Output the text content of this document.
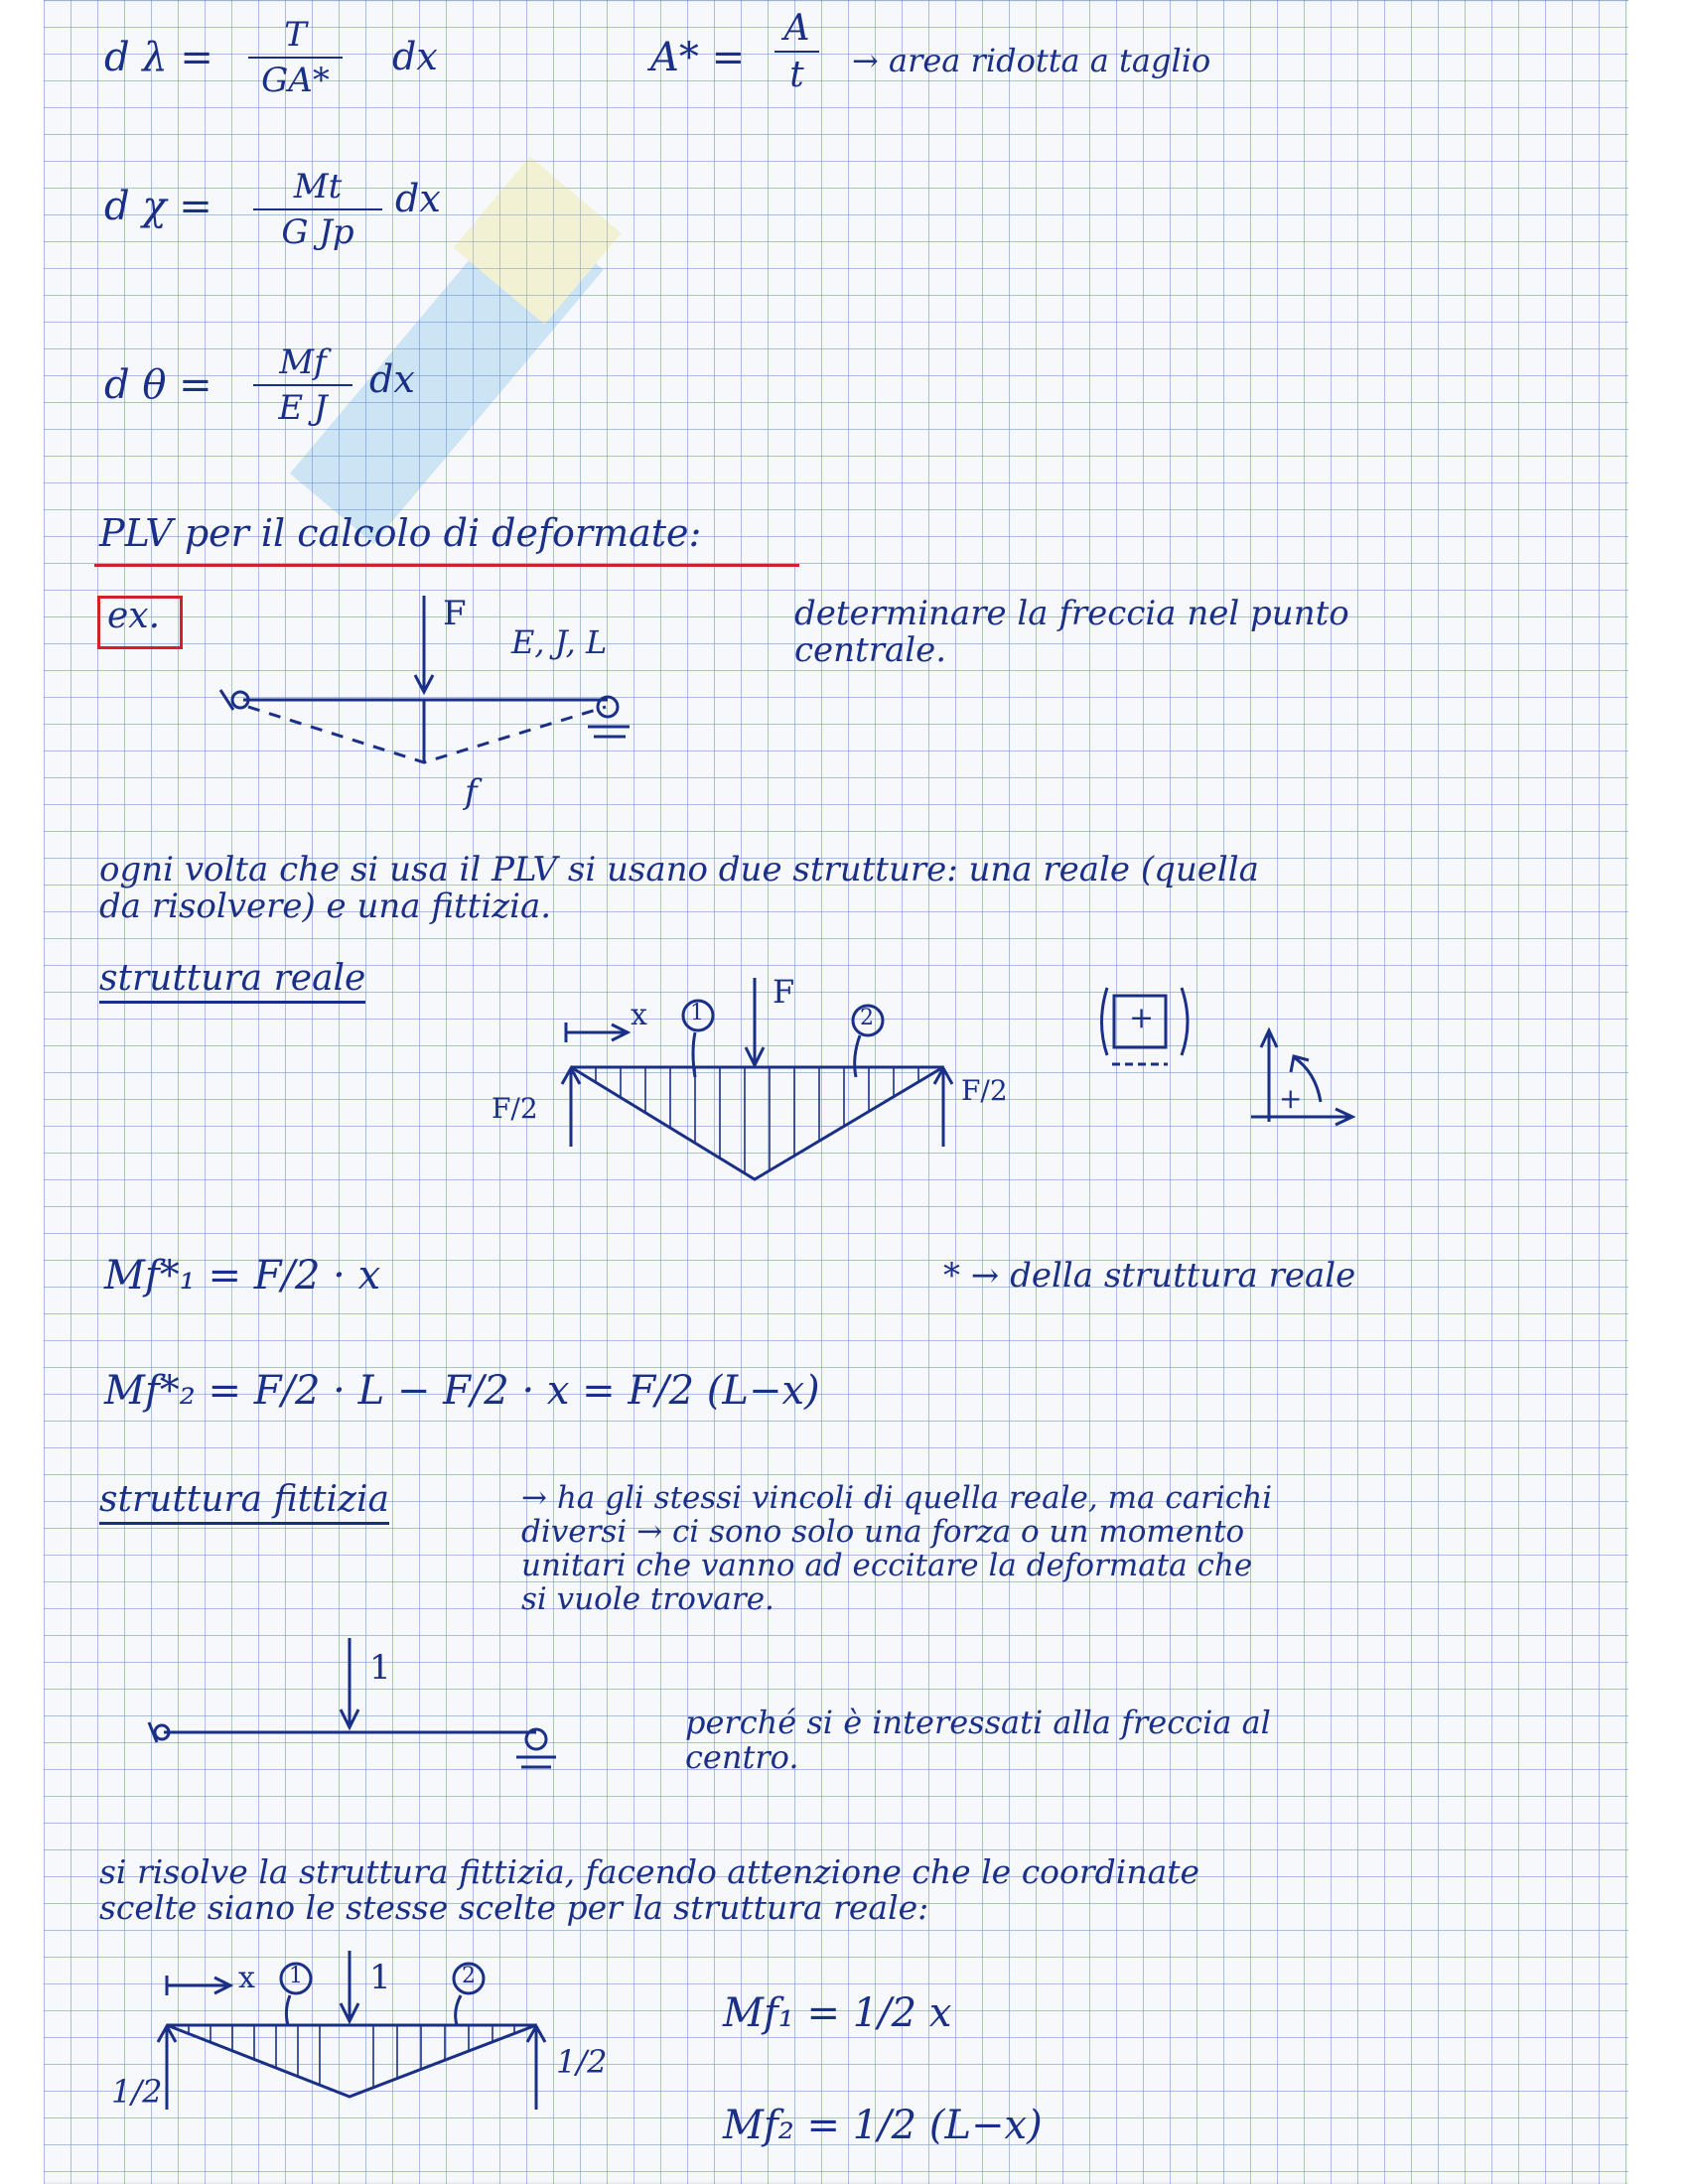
d λ =	T
GA*
dx	A* =
A
t	→ area ridotta a taglio
d χ =	Mt
G Jp
dx
d θ =	Mf
E J
dx
PLV per il calcolo di deformate:
ex.	F
E, J, L
f
determinare la freccia nel punto
centrale.
ogni volta che si usa il PLV si usano due strutture: una reale (quella
da risolvere) e una fittizia.
struttura reale
x 1	2
F
F/2
F/2
+
+
Mf*₁ = F/2 · x	* → della struttura reale
Mf*₂ = F/2 · L − F/2 · x = F/2 (L−x)
struttura fittizia	→ ha gli stessi vincoli di quella reale, ma carichi
diversi → ci sono solo una forza o un momento
unitari che vanno ad eccitare la deformata che
si vuole trovare.
1
perché si è interessati alla freccia al
centro.
si risolve la struttura fittizia, facendo attenzione che le coordinate
scelte siano le stesse scelte per la struttura reale:
x 1 1	2
1/2
1/2
Mf₁ = 1/2 x
Mf₂ = 1/2 (L−x)
